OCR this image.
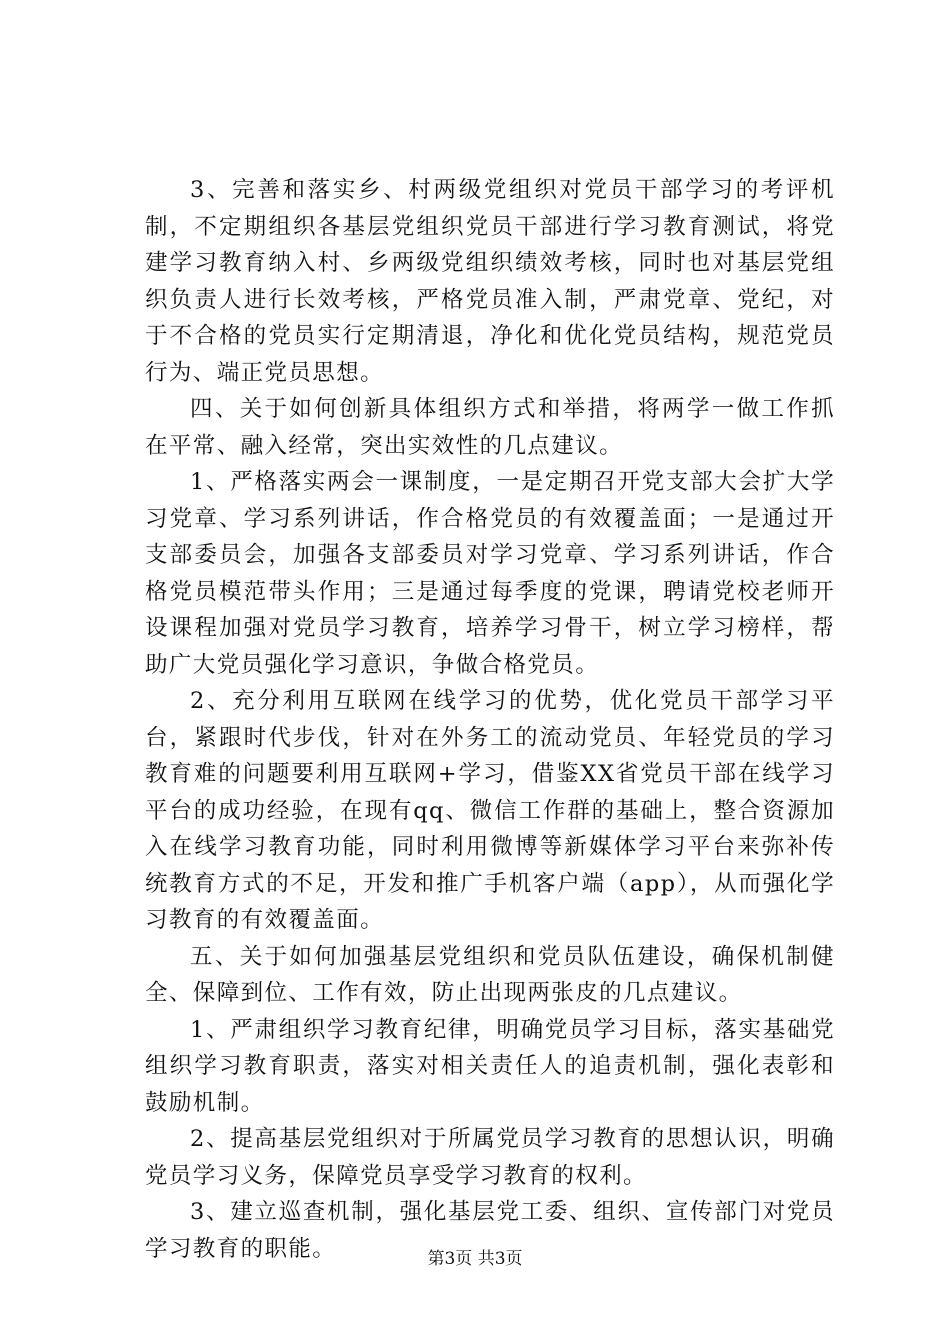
3、完善和落实乡、村两级党组织对党员干部学习的考评机制，不定期组织各基层党组织党员干部进行学习教育测试，将党建学习教育纳入村、乡两级党组织绩效考核，同时也对基层党组织负责人进行长效考核，严格党员准入制，严肃党章、党纪，对于不合格的党员实行定期清退，净化和优化党员结构，规范党员行为、端正党员思想。

四、关于如何创新具体组织方式和举措，将两学一做工作抓在平常、融入经常，突出实效性的几点建议。

1、严格落实两会一课制度，一是定期召开党支部大会扩大学习党章、学习系列讲话，作合格党员的有效覆盖面；一是通过开支部委员会，加强各支部委员对学习党章、学习系列讲话，作合格党员模范带头作用；三是通过每季度的党课，聘请党校老师开设课程加强对党员学习教育，培养学习骨干，树立学习榜样，帮助广大党员强化学习意识，争做合格党员。

2、充分利用互联网在线学习的优势，优化党员干部学习平台，紧跟时代步伐，针对在外务工的流动党员、年轻党员的学习教育难的问题要利用互联网+学习，借鉴XX省党员干部在线学习平台的成功经验，在现有qq、微信工作群的基础上，整合资源加入在线学习教育功能，同时利用微博等新媒体学习平台来弥补传统教育方式的不足，开发和推广手机客户端（app），从而强化学习教育的有效覆盖面。

五、关于如何加强基层党组织和党员队伍建设，确保机制健全、保障到位、工作有效，防止出现两张皮的几点建议。

1、严肃组织学习教育纪律，明确党员学习目标，落实基础党组织学习教育职责，落实对相关责任人的追责机制，强化表彰和鼓励机制。

2、提高基层党组织对于所属党员学习教育的思想认识，明确党员学习义务，保障党员享受学习教育的权利。

3、建立巡查机制，强化基层党工委、组织、宣传部门对党员学习教育的职能。	第3页 共3页
